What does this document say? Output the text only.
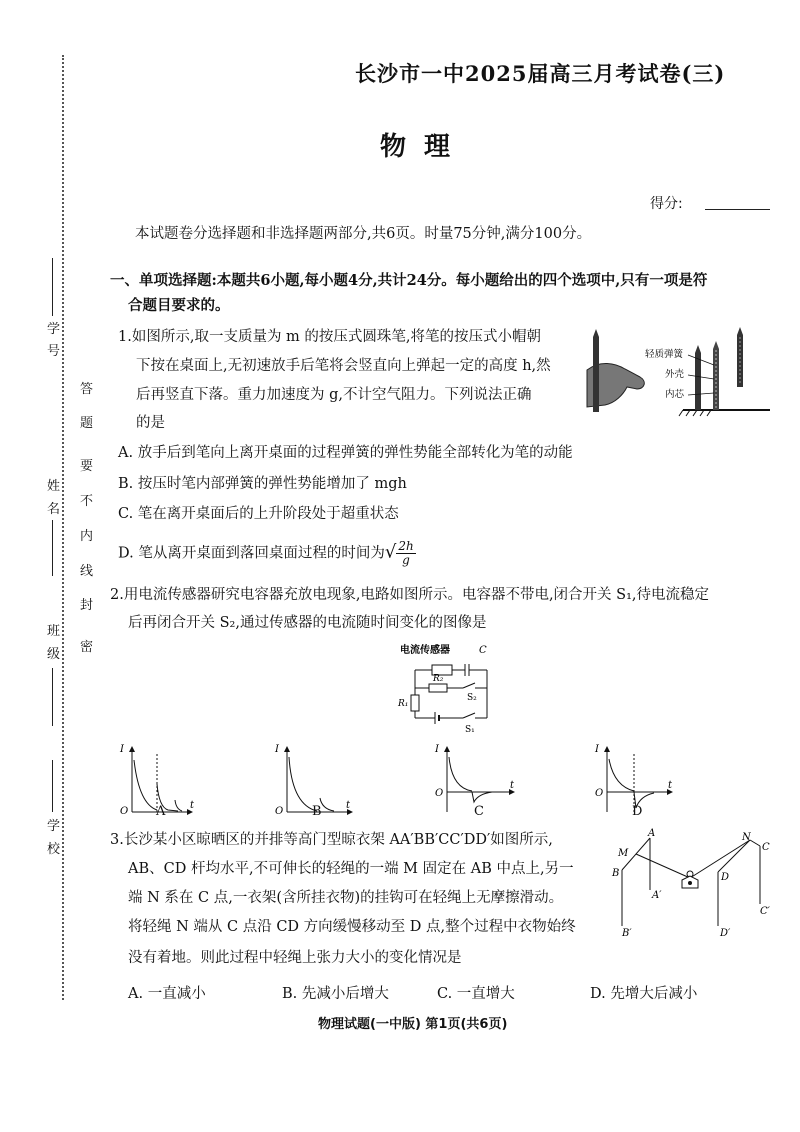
学
号
姓
名
班
级
学
校
答
题
要
不
内
线
封
密
长沙市一中2025届高三月考试卷(三)
物理
得分:
本试题卷分选择题和非选择题两部分,共6页。时量75分钟,满分100分。
一、单项选择题:本题共6小题,每小题4分,共计24分。每小题给出的四个选项中,只有一项是符
合题目要求的。
1.如图所示,取一支质量为 m 的按压式圆珠笔,将笔的按压式小帽朝
下按在桌面上,无初速放手后笔将会竖直向上弹起一定的高度 h,然
后再竖直下落。重力加速度为 g,不计空气阻力。下列说法正确
的是
A. 放手后到笔向上离开桌面的过程弹簧的弹性势能全部转化为笔的动能
B. 按压时笔内部弹簧的弹性势能增加了 mgh
C. 笔在离开桌面后的上升阶段处于超重状态
D. 笔从离开桌面到落回桌面过程的时间为√ $\frac{2h}{g}$
轻质弹簧
外壳
内芯
2.用电流传感器研究电容器充放电现象,电路如图所示。电容器不带电,闭合开关 S₁,待电流稳定
后再闭合开关 S₂,通过传感器的电流随时间变化的图像是
电流传感器	C
R₂
S₂
R₁
S₁
I
O
t
I
O
t
I
O
t
I
O
t
A	B	C	D
3.长沙某小区晾晒区的并排等高门型晾衣架 AA′BB′CC′DD′如图所示,
AB、CD 杆均水平,不可伸长的轻绳的一端 M 固定在 AB 中点上,另一
端 N 系在 C 点,一衣架(含所挂衣物)的挂钩可在轻绳上无摩擦滑动。
将轻绳 N 端从 C 点沿 CD 方向缓慢移动至 D 点,整个过程中衣物始终
没有着地。则此过程中轻绳上张力大小的变化情况是
A. 一直减小	B. 先减小后增大	C. 一直增大	D. 先增大后减小
A
M
B
A′
B′
N
C
D
C′
D′
物理试题(一中版) 第1页(共6页)
